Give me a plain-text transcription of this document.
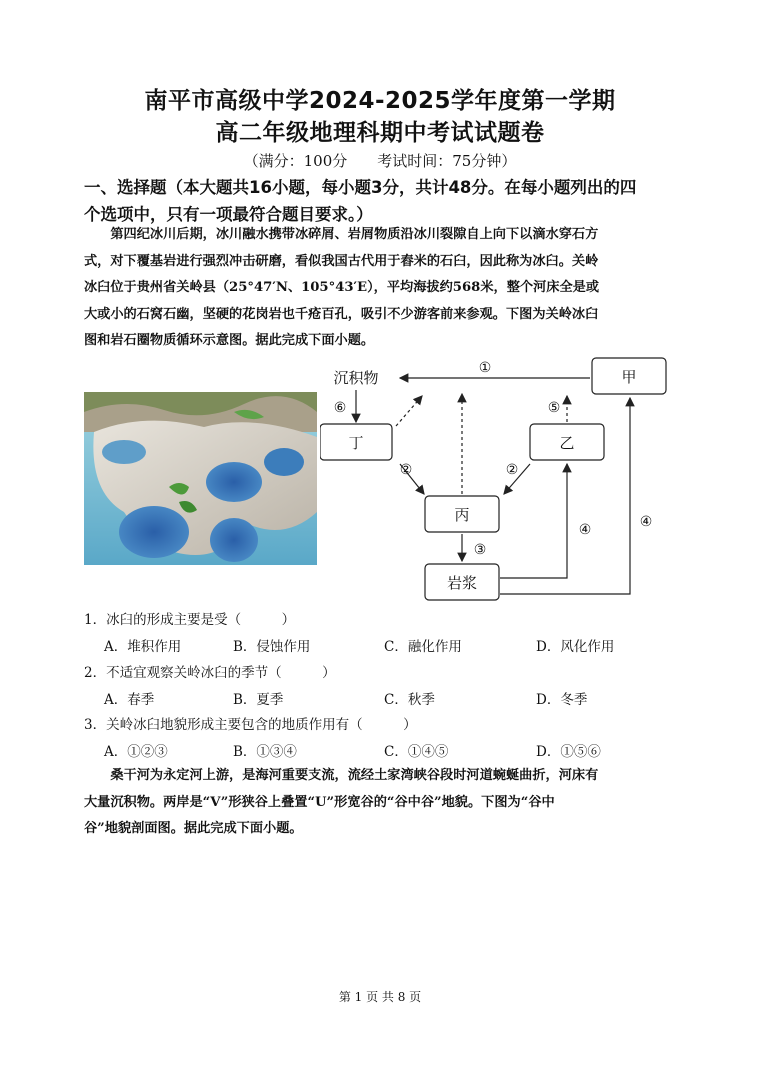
南平市高级中学2024-2025学年度第一学期
高二年级地理科期中考试试题卷
（满分：100分　　考试时间：75分钟）
一、选择题（本大题共16小题，每小题3分，共计48分。在每小题列出的四
个选项中，只有一项最符合题目要求。）
　　第四纪冰川后期，冰川融水携带冰碎屑、岩屑物质沿冰川裂隙自上向下以滴水穿石方
式，对下覆基岩进行强烈冲击研磨，看似我国古代用于舂米的石臼，因此称为冰臼。关岭
冰臼位于贵州省关岭县（25°47′N、105°43′E），平均海拔约568米，整个河床全是或
大或小的石窝石幽，坚硬的花岗岩也千疮百孔，吸引不少游客前来参观。下图为关岭冰臼
图和岩石圈物质循环示意图。据此完成下面小题。
甲
丁	乙
丙
岩浆
沉积物
①
②	②
③
④	④
⑤
⑥
1．冰臼的形成主要是受（　　　）
A．堆积作用	B．侵蚀作用	C．融化作用	D．风化作用
2．不适宜观察关岭冰臼的季节（　　　）
A．春季	B．夏季	C．秋季	D．冬季
3．关岭冰臼地貌形成主要包含的地质作用有（　　　）
A．①②③	B．①③④	C．①④⑤	D．①⑤⑥
　　桑干河为永定河上游，是海河重要支流，流经土家湾峡谷段时河道蜿蜒曲折，河床有
大量沉积物。两岸是“V”形狭谷上叠置“U”形宽谷的“谷中谷”地貌。下图为“谷中
谷”地貌剖面图。据此完成下面小题。
第 1 页 共 8 页
